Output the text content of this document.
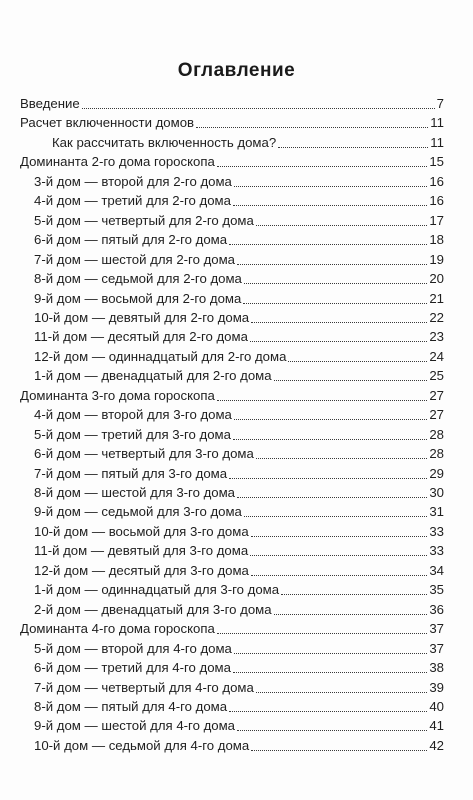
Оглавление
Введение	7
Расчет включенности домов	11
Как рассчитать включенность дома?	11
Доминанта 2-го дома гороскопа	15
3-й дом — второй для 2-го дома	16
4-й дом — третий для 2-го дома	16
5-й дом — четвертый для 2-го дома	17
6-й дом — пятый для 2-го дома	18
7-й дом — шестой для 2-го дома	19
8-й дом — седьмой для 2-го дома	20
9-й дом — восьмой для 2-го дома	21
10-й дом — девятый для 2-го дома	22
11-й дом — десятый для 2-го дома	23
12-й дом — одиннадцатый для 2-го дома	24
1-й дом — двенадцатый для 2-го дома	25
Доминанта 3-го дома гороскопа	27
4-й дом — второй для 3-го дома	27
5-й дом — третий для 3-го дома	28
6-й дом — четвертый для 3-го дома	28
7-й дом — пятый для 3-го дома	29
8-й дом — шестой для 3-го дома	30
9-й дом — седьмой для 3-го дома	31
10-й дом — восьмой для 3-го дома	33
11-й дом — девятый для 3-го дома	33
12-й дом — десятый для 3-го дома	34
1-й дом — одиннадцатый для 3-го дома	35
2-й дом — двенадцатый для 3-го дома	36
Доминанта 4-го дома гороскопа	37
5-й дом — второй для 4-го дома	37
6-й дом — третий для 4-го дома	38
7-й дом — четвертый для 4-го дома	39
8-й дом — пятый для 4-го дома	40
9-й дом — шестой для 4-го дома	41
10-й дом — седьмой для 4-го дома	42
